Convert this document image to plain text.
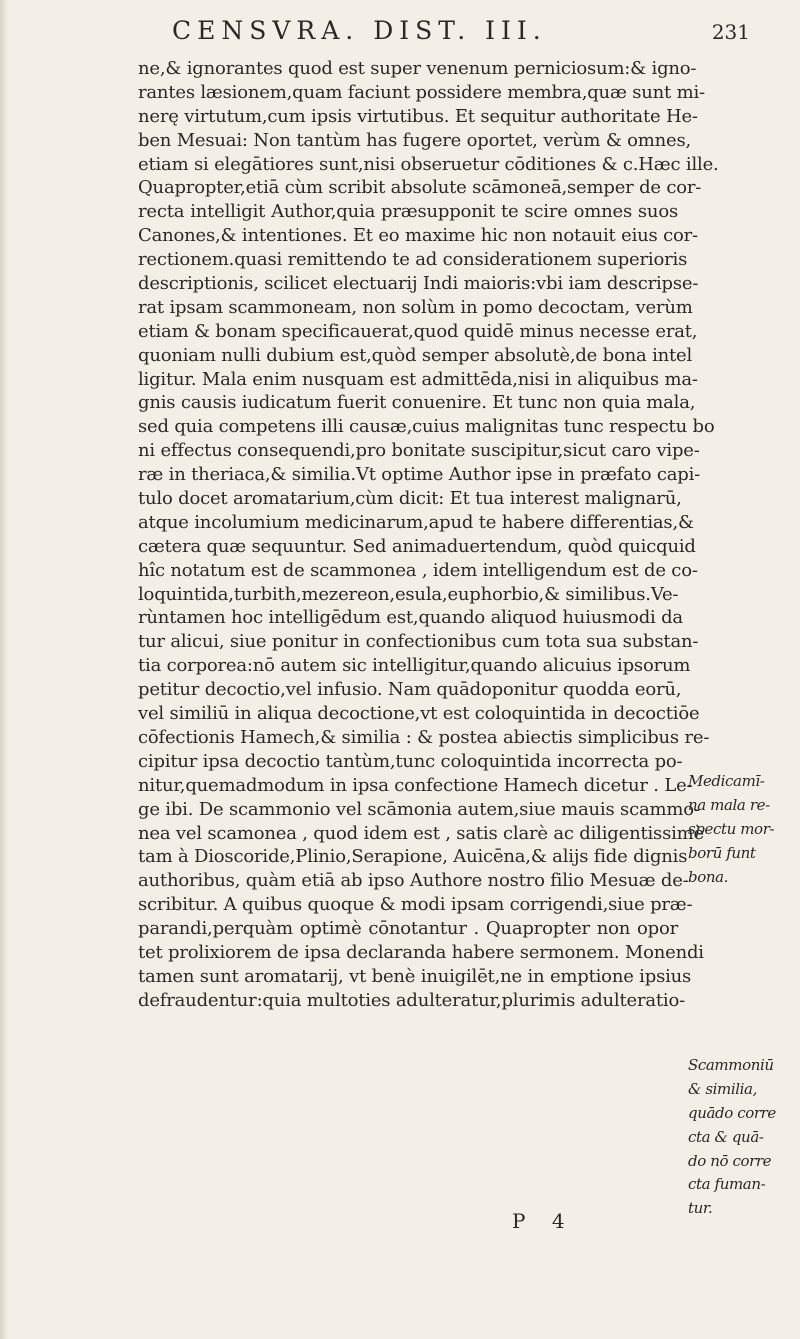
CENSVRA. DIST. III.	231
ne,& ignorantes quod est super venenum perniciosum:& igno-
rantes læsionem,quam faciunt possidere membra,quæ sunt mi-
nerę virtutum,cum ipsis virtutibus. Et sequitur authoritate He-
ben Mesuai: Non tantùm has fugere oportet, verùm & omnes,
etiam si elegātiores sunt,nisi obseruetur cōditiones & c.Hæc ille.
Quapropter,etiā cùm scribit absolute scāmoneā,semper de cor-
recta intelligit Author,quia præsupponit te scire omnes suos
Canones,& intentiones. Et eo maxime hic non notauit eius cor-
rectionem.quasi remittendo te ad considerationem superioris
descriptionis, scilicet electuarij Indi maioris:vbi iam descripse-
rat ipsam scammoneam, non solùm in pomo decoctam, verùm
etiam & bonam specificauerat,quod quidē minus necesse erat,
quoniam nulli dubium est,quòd semper absolutè,de bona intel
ligitur. Mala enim nusquam est admittēda,nisi in aliquibus ma-
gnis causis iudicatum fuerit conuenire. Et tunc non quia mala,
sed quia competens illi causæ,cuius malignitas tunc respectu bo
ni effectus consequendi,pro bonitate suscipitur,sicut caro vipe-
ræ in theriaca,& similia.Vt optime Author ipse in præfato capi-
tulo docet aromatarium,cùm dicit: Et tua interest malignarū,
atque incolumium medicinarum,apud te habere differentias,&
cætera quæ sequuntur. Sed animaduertendum, quòd quicquid
hîc notatum est de scammonea , idem intelligendum est de co-
loquintida,turbith,mezereon,esula,euphorbio,& similibus.Ve-
rùntamen hoc intelligēdum est,quando aliquod huiusmodi da
tur alicui, siue ponitur in confectionibus cum tota sua substan-
tia corporea:nō autem sic intelligitur,quando alicuius ipsorum
petitur decoctio,vel infusio. Nam quādoponitur quodda eorū,
vel similiū in aliqua decoctione,vt est coloquintida in decoctiōe
cōfectionis Hamech,& similia : & postea abiectis simplicibus re-
cipitur ipsa decoctio tantùm,tunc coloquintida incorrecta po-
nitur,quemadmodum in ipsa confectione Hamech dicetur . Le-
ge ibi. De scammonio vel scāmonia autem,siue mauis scammo-
nea vel scamonea , quod idem est , satis clarè ac diligentissimè
tam à Dioscoride,Plinio,Serapione, Auicēna,& alijs fide dignis
authoribus, quàm etiā ab ipso Authore nostro filio Mesuæ de-
scribitur. A quibus quoque & modi ipsam corrigendi,siue præ-
parandi,perquàm optimè cōnotantur . Quapropter non opor
tet prolixiorem de ipsa declaranda habere sermonem. Monendi
tamen sunt aromatarij, vt benè inuigilēt,ne in emptione ipsius
defraudentur:quia multoties adulteratur,plurimis adulteratio-
Medicamī-
na mala re-
spectu mor-
borū funt
bona.
Scammoniū
& similia,
quādo corre
cta & quā-
do nō corre
cta fuman-
tur.
P 4
